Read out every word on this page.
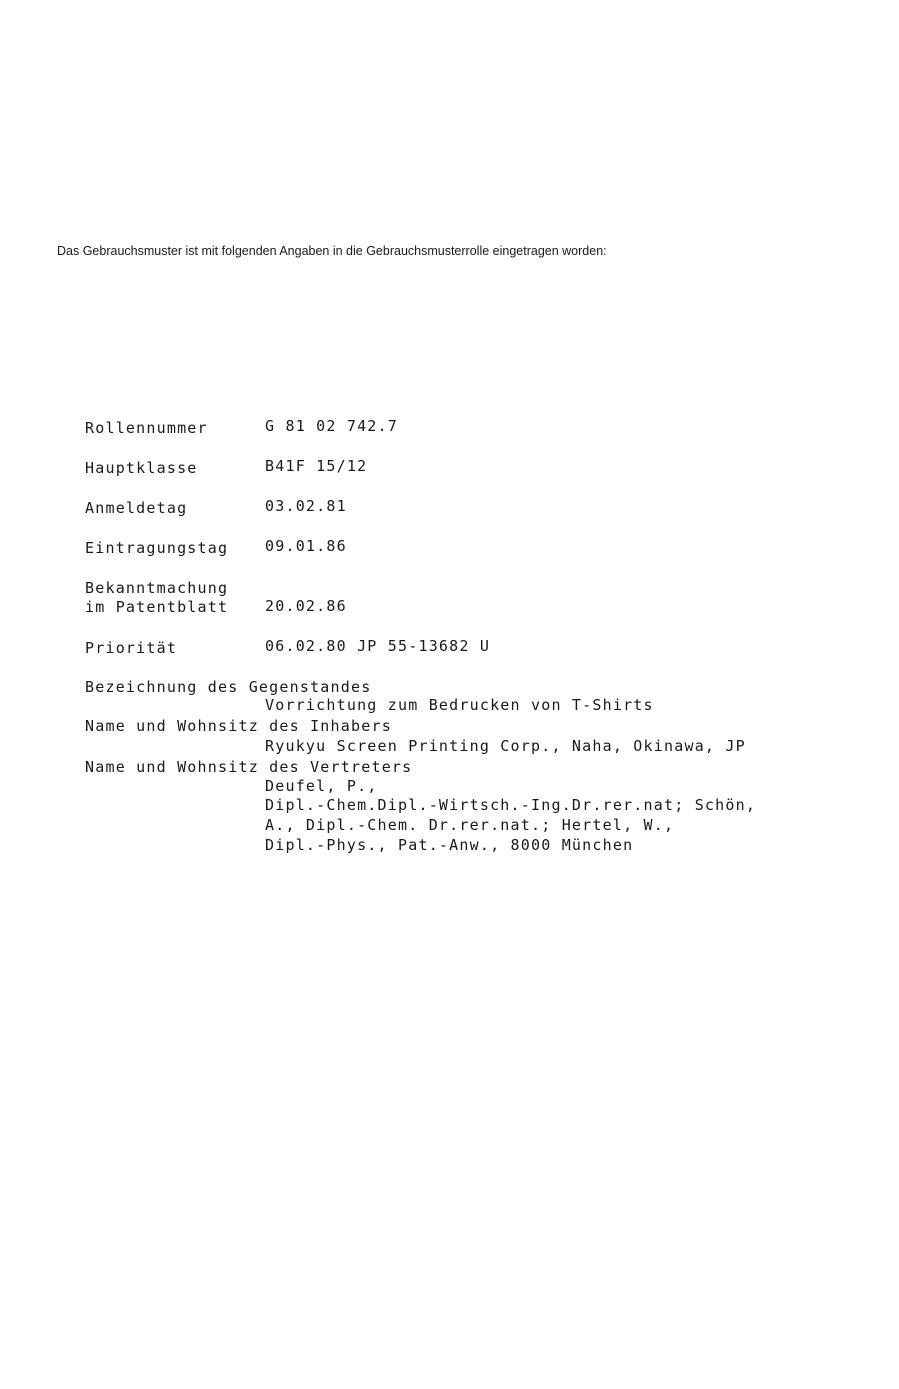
Das Gebrauchsmuster ist mit folgenden Angaben in die Gebrauchsmusterrolle eingetragen worden:
Rollennummer	G 81 02 742.7
Hauptklasse	B41F 15/12
Anmeldetag	03.02.81
Eintragungstag 09.01.86
Bekanntmachung
im Patentblatt 20.02.86
Priorität	06.02.80 JP 55-13682 U
Bezeichnung des Gegenstandes
Vorrichtung zum Bedrucken von T-Shirts
Name und Wohnsitz des Inhabers
Ryukyu Screen Printing Corp., Naha, Okinawa, JP
Name und Wohnsitz des Vertreters
Deufel, P.,
Dipl.-Chem.Dipl.-Wirtsch.-Ing.Dr.rer.nat; Schön,
A., Dipl.-Chem. Dr.rer.nat.; Hertel, W.,
Dipl.-Phys., Pat.-Anw., 8000 München
